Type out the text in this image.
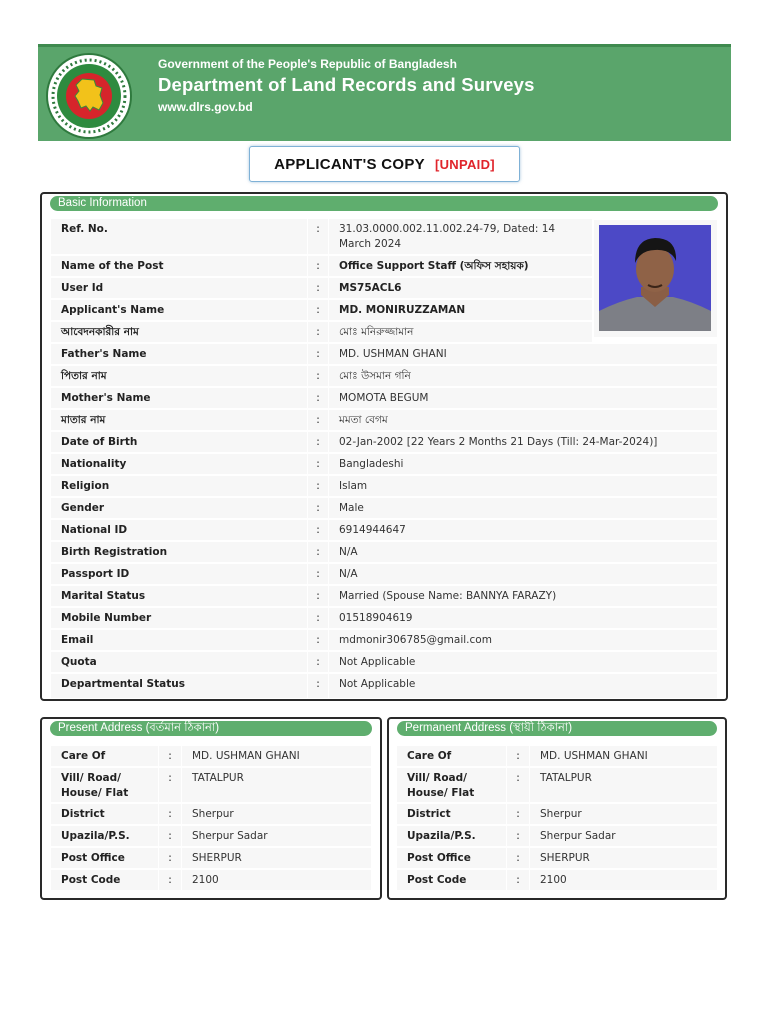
Government of the People's Republic of Bangladesh
Department of Land Records and Surveys
www.dlrs.gov.bd
APPLICANT'S COPY [UNPAID]
Basic Information
Ref. No.	:	31.03.0000.002.11.002.24-79, Dated: 14 March 2024
Name of the Post	:	Office Support Staff (অফিস সহায়ক)
User Id	:	MS75ACL6
Applicant's Name	:	MD. MONIRUZZAMAN
আবেদনকারীর নাম	:	মোঃ মনিরুজ্জামান
Father's Name	:	MD. USHMAN GHANI
পিতার নাম	:	মোঃ উসমান গনি
Mother's Name	:	MOMOTA BEGUM
মাতার নাম	:	মমতা বেগম
Date of Birth	:	02-Jan-2002 [22 Years 2 Months 21 Days (Till: 24-Mar-2024)]
Nationality	:	Bangladeshi
Religion	:	Islam
Gender	:	Male
National ID	:	6914944647
Birth Registration	:	N/A
Passport ID	:	N/A
Marital Status	:	Married (Spouse Name: BANNYA FARAZY)
Mobile Number	:	01518904619
Email	:	mdmonir306785@gmail.com
Quota	:	Not Applicable
Departmental Status	:	Not Applicable
Present Address (বর্তমান ঠিকানা)
Care Of	:	MD. USHMAN GHANI
Vill/ Road/ House/ Flat
:	TATALPUR
District	:	Sherpur
Upazila/P.S.	:	Sherpur Sadar
Post Office	:	SHERPUR
Post Code	:	2100
Permanent Address (স্থায়ী ঠিকানা)
Care Of	:	MD. USHMAN GHANI
Vill/ Road/ House/ Flat
:	TATALPUR
District	:	Sherpur
Upazila/P.S.	:	Sherpur Sadar
Post Office	:	SHERPUR
Post Code	:	2100
